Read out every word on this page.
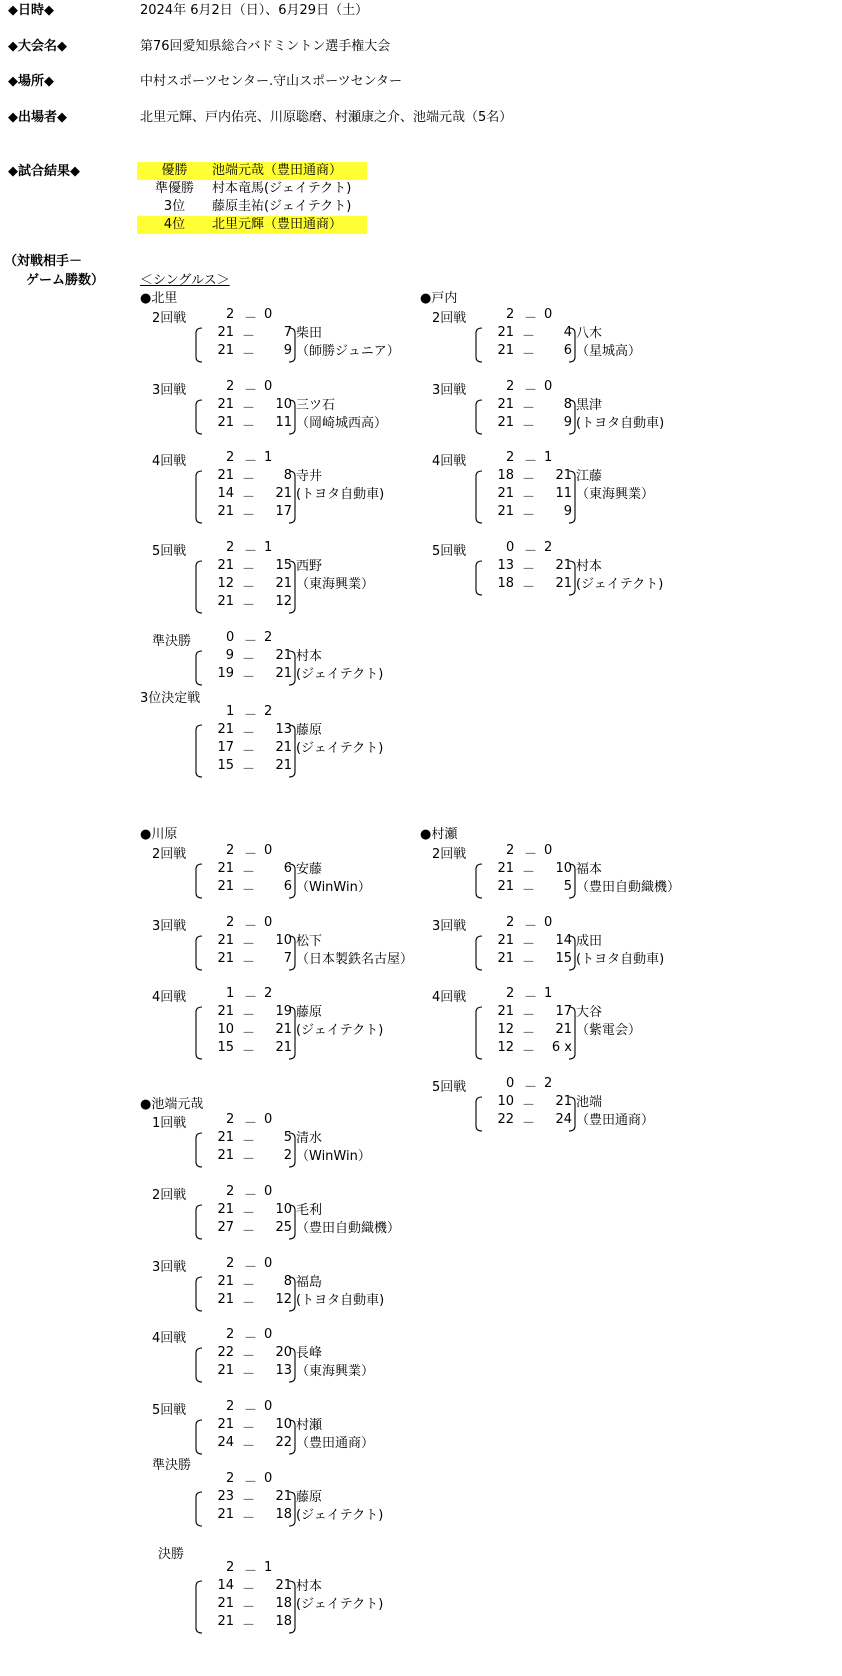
◆日時◆	2024年 6月2日（日）、6月29日（土）
◆大会名◆	第76回愛知県総合バドミントン選手権大会
◆場所◆	中村スポーツセンター.守山スポーツセンター
◆出場者◆	北里元輝、戸内佑亮、川原聡磨、村瀬康之介、池端元哉（5名）
◆試合結果◆	優勝	池端元哉（豊田通商）
準優勝	村本竜馬(ジェイテクト)
3位	藤原圭祐(ジェイテクト)
4位	北里元輝（豊田通商）
（対戦相手－
ゲーム勝数）	＜シングルス＞
●北里
2回戦	2 － 0
21 － 7
21 － 9
柴田
（師勝ジュニア）
3回戦	2 － 0
21 － 10
21 － 11
三ツ石
（岡崎城西高）
4回戦	2 － 1
21 － 8
14 － 21
21 － 17
寺井
(トヨタ自動車)
5回戦	2 － 1
21 － 15
12 － 21
21 － 12
西野
（東海興業）
準決勝	0 － 2
9 － 21
19 － 21
村本
(ジェイテクト)
3位決定戦
1 － 2
21 － 13
17 － 21
15 － 21
藤原
(ジェイテクト)
●戸内
2回戦	2 － 0
21 － 4
21 － 6
八木
（星城高）
3回戦	2 － 0
21 － 8
21 － 9
黒津
(トヨタ自動車)
4回戦	2 － 1
18 － 21
21 － 11
21 － 9
江藤
（東海興業）
5回戦	0 － 2
13 － 21
18 － 21
村本
(ジェイテクト)
●川原
2回戦	2 － 0
21 － 6
21 － 6
安藤
（WinWin）
3回戦	2 － 0
21 － 10
21 － 7
松下
（日本製鉄名古屋）
4回戦	1 － 2
21 － 19
10 － 21
15 － 21
藤原
(ジェイテクト)
●村瀬
2回戦	2 － 0
21 － 10
21 － 5
福本
（豊田自動織機）
3回戦	2 － 0
21 － 14
21 － 15
成田
(トヨタ自動車)
4回戦	2 － 1
21 － 17
12 － 21
12 － 6 x
大谷
（紫電会）
5回戦	0 － 2
10 － 21
22 － 24
池端
（豊田通商）
●池端元哉
1回戦	2 － 0
21 － 5
21 － 2
清水
（WinWin）
2回戦	2 － 0
21 － 10
27 － 25
毛利
（豊田自動織機）
3回戦	2 － 0
21 － 8
21 － 12
福島
(トヨタ自動車)
4回戦	2 － 0
22 － 20
21 － 13
長峰
（東海興業）
5回戦	2 － 0
21 － 10
24 － 22
村瀬
（豊田通商）
準決勝
2 － 0
23 － 21
21 － 18
藤原
(ジェイテクト)
決勝
2 － 1
14 － 21
21 － 18
21 － 18
村本
(ジェイテクト)
